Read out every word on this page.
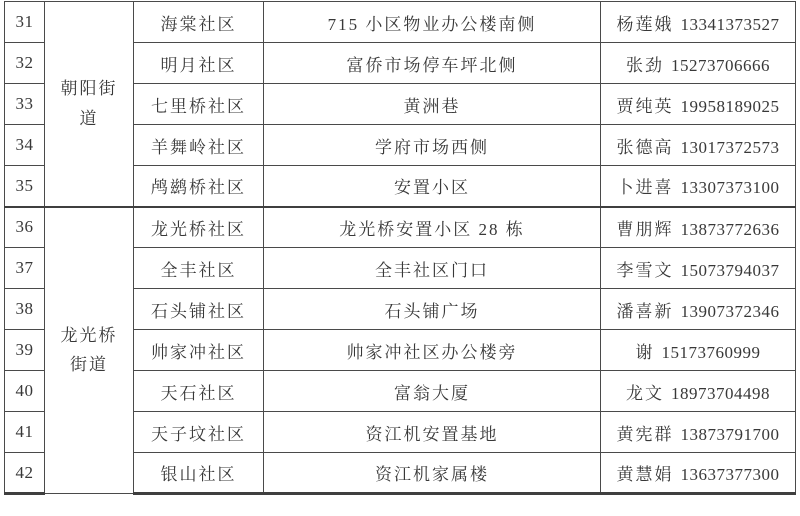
31	朝阳街道	海棠社区	715 小区物业办公楼南侧	杨莲娥 13341373527
32		明月社区	富侨市场停车坪北侧	张劲 15273706666
33		七里桥社区	黄洲巷	贾纯英 19958189025
34		羊舞岭社区	学府市场西侧	张德高 13017372573
35		鸬鹚桥社区	安置小区	卜进喜 13307373100
36	龙光桥街道	龙光桥社区	龙光桥安置小区 28 栋	曹朋辉 13873772636
37		全丰社区	全丰社区门口	李雪文 15073794037
38		石头铺社区	石头铺广场	潘喜新 13907372346
39		帅家冲社区	帅家冲社区办公楼旁	谢 15173760999
40		天石社区	富翁大厦	龙文 18973704498
41		天子坟社区	资江机安置基地	黄宪群 13873791700
42		银山社区	资江机家属楼	黄慧娟 13637377300
